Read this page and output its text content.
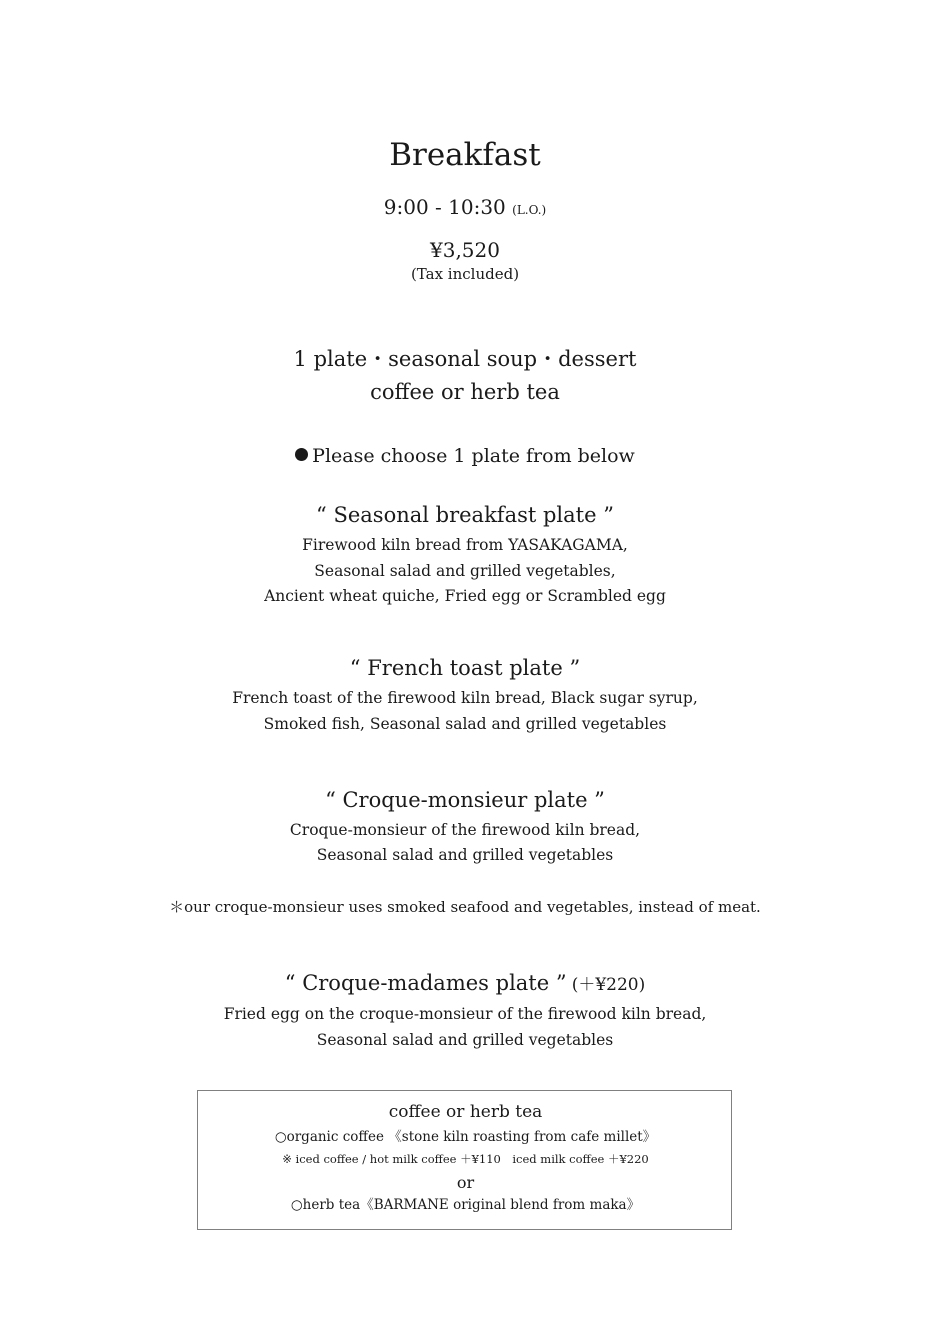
Breakfast
9:00 - 10:30 (L.O.)
¥3,520
(Tax included)
1 plate・seasonal soup・dessert
coffee or herb tea
Please choose 1 plate from below
“ Seasonal breakfast plate ”
Firewood kiln bread from YASAKAGAMA,
Seasonal salad and grilled vegetables,
Ancient wheat quiche, Fried egg or Scrambled egg
“ French toast plate ”
French toast of the firewood kiln bread, Black sugar syrup,
Smoked fish, Seasonal salad and grilled vegetables
“ Croque-monsieur plate ”
Croque-monsieur of the firewood kiln bread,
Seasonal salad and grilled vegetables
＊our croque-monsieur uses smoked seafood and vegetables, instead of meat.
“ Croque-madames plate ” (＋¥220)
Fried egg on the croque-monsieur of the firewood kiln bread,
Seasonal salad and grilled vegetables
coffee or herb tea
○organic coffee 《stone kiln roasting from cafe millet》
※ iced coffee / hot milk coffee ＋¥110　iced milk coffee ＋¥220
or
○herb tea《BARMANE original blend from maka》
